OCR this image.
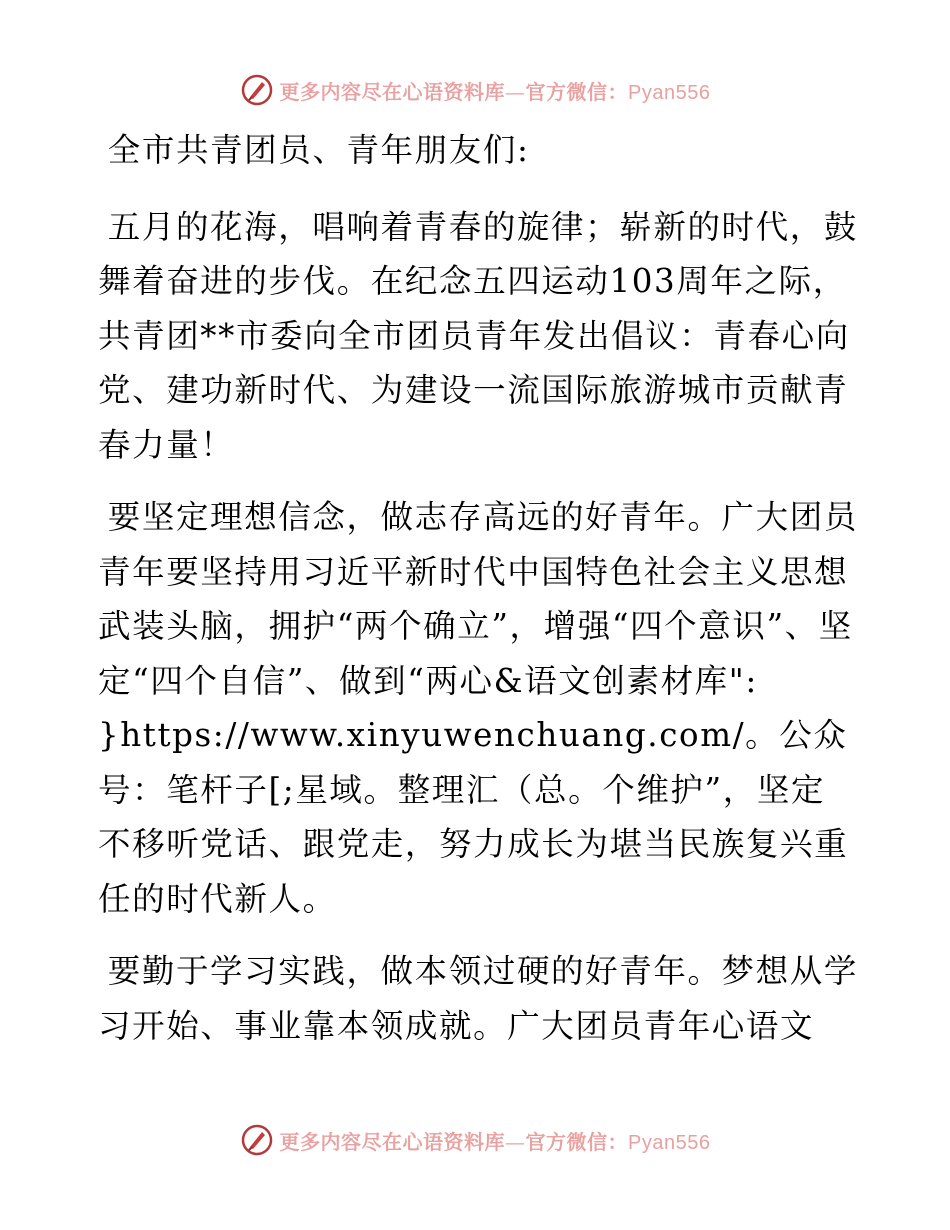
更多内容尽在心语资料库—官方微信：Pyan556

全市共青团员、青年朋友们:

五月的花海，唱响着青春的旋律；崭新的时代，鼓舞着奋进的步伐。在纪念五四运动103周年之际，共青团**市委向全市团员青年发出倡议：青春心向党、建功新时代、为建设一流国际旅游城市贡献青春力量！

要坚定理想信念，做志存高远的好青年。广大团员青年要坚持用习近平新时代中国特色社会主义思想武装头脑，拥护“两个确立”，增强“四个意识”、坚定“四个自信”、做到“两心&语文创素材库": }https://www.xinyuwenchuang.com/。公众号：笔杆子[;星域。整理汇（总。个维护”，坚定不移听党话、跟党走，努力成长为堪当民族复兴重任的时代新人。

要勤于学习实践，做本领过硬的好青年。梦想从学习开始、事业靠本领成就。广大团员青年心语文

更多内容尽在心语资料库—官方微信：Pyan556
